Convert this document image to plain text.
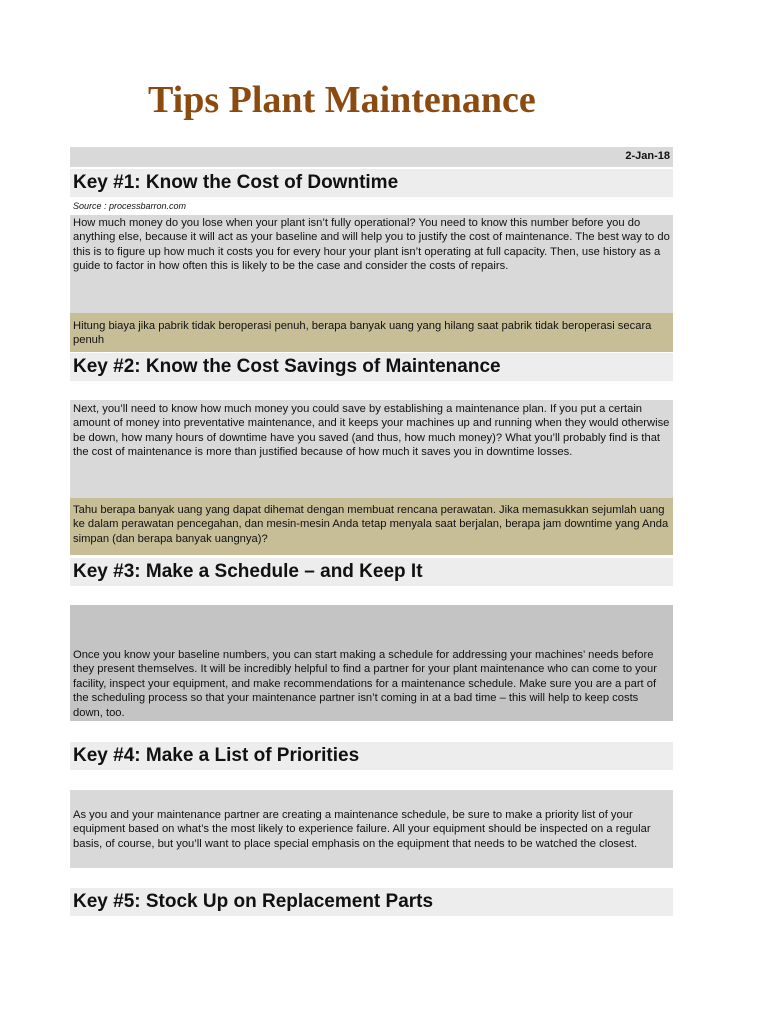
Tips Plant Maintenance
2-Jan-18
Key #1: Know the Cost of Downtime
Source : processbarron.com
How much money do you lose when your plant isn’t fully operational? You need to know this number before you do anything else, because it will act as your baseline and will help you to justify the cost of maintenance. The best way to do this is to figure up how much it costs you for every hour your plant isn’t operating at full capacity. Then, use history as a guide to factor in how often this is likely to be the case and consider the costs of repairs.
Hitung biaya jika pabrik tidak beroperasi penuh, berapa banyak uang yang hilang saat pabrik tidak beroperasi secara penuh
Key #2: Know the Cost Savings of Maintenance
Next, you’ll need to know how much money you could save by establishing a maintenance plan. If you put a certain amount of money into preventative maintenance, and it keeps your machines up and running when they would otherwise be down, how many hours of downtime have you saved (and thus, how much money)? What you’ll probably find is that the cost of maintenance is more than justified because of how much it saves you in downtime losses.
Tahu berapa banyak uang yang dapat dihemat dengan membuat rencana perawatan. Jika memasukkan sejumlah uang ke dalam perawatan pencegahan, dan mesin-mesin Anda tetap menyala saat berjalan, berapa jam downtime yang Anda simpan (dan berapa banyak uangnya)?
Key #3: Make a Schedule – and Keep It
Once you know your baseline numbers, you can start making a schedule for addressing your machines’ needs before they present themselves. It will be incredibly helpful to find a partner for your plant maintenance who can come to your facility, inspect your equipment, and make recommendations for a maintenance schedule. Make sure you are a part of the scheduling process so that your maintenance partner isn’t coming in at a bad time – this will help to keep costs down, too.
Key #4: Make a List of Priorities
As you and your maintenance partner are creating a maintenance schedule, be sure to make a priority list of your equipment based on what’s the most likely to experience failure. All your equipment should be inspected on a regular basis, of course, but you’ll want to place special emphasis on the equipment that needs to be watched the closest.
Key #5: Stock Up on Replacement Parts
